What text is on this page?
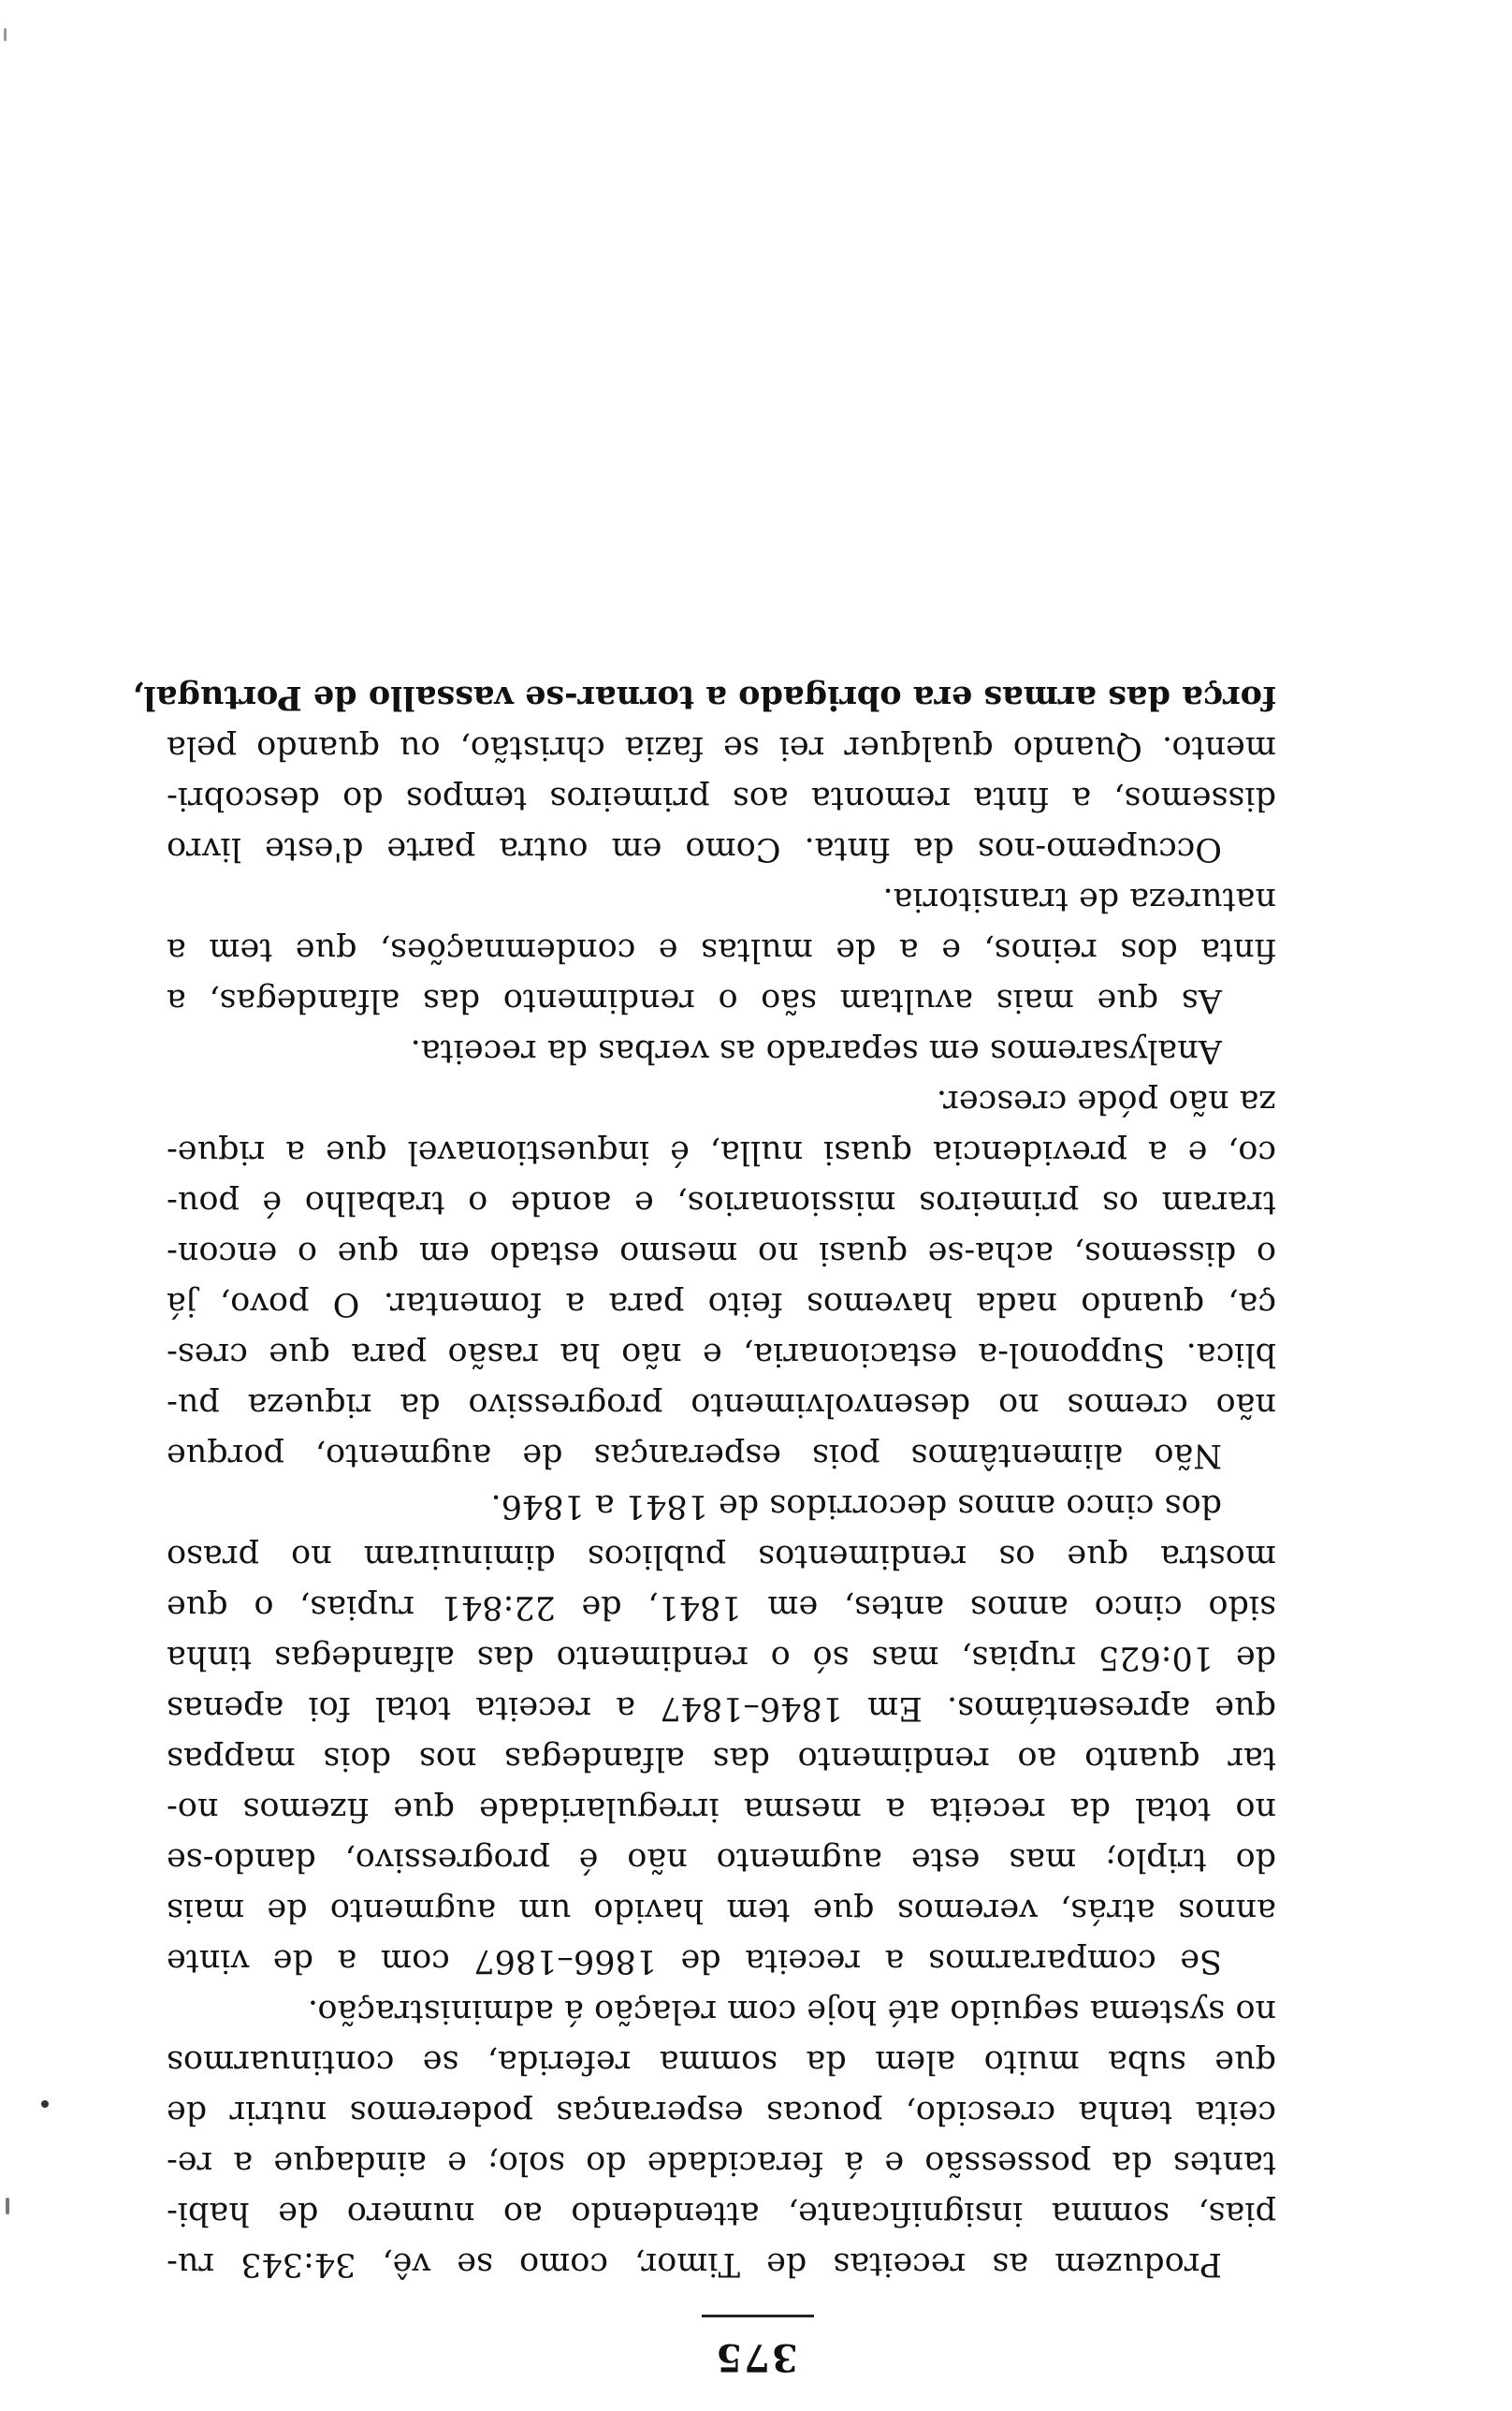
375
Produzem as receitas de Timor, como se vê, 34:343 ru-
pias, somma insignificante, attendendo ao numero de habi-
tantes da possessão e á feracidade do solo; e aindaque a re-
ceita tenha crescido, poucas esperanças poderemos nutrir de
que suba muito alem da somma referida, se continuarmos
no systema seguido até hoje com relação á administração.
Se compararmos a receita de 1866–1867 com a de vinte
annos atrás, veremos que tem havido um augmento de mais
do triplo; mas este augmento não é progressivo, dando-se
no total da receita a mesma irregularidade que fizemos no-
tar quanto ao rendimento das alfandegas nos dois mappas
que apresentámos. Em 1846–1847 a receita total foi apenas
de 10:625 rupias, mas só o rendimento das alfandegas tinha
sido cinco annos antes, em 1841, de 22:841 rupias, o que
mostra que os rendimentos publicos diminuiram no praso
dos cinco annos decorridos de 1841 a 1846.
Não alimentâmos pois esperanças de augmento, porque
não cremos no desenvolvimento progressivo da riqueza pu-
blica. Supponol-a estacionaria, e não ha rasão para que cres-
ça, quando nada havemos feito para a fomentar. O povo, já
o dissemos, acha-se quasi no mesmo estado em que o encon-
traram os primeiros missionarios, e aonde o trabalho é pou-
co, e a previdencia quasi nulla, é inquestionavel que a rique-
za não póde crescer.
Analysaremos em separado as verbas da receita.
As que mais avultam são o rendimento das alfandegas, a
finta dos reinos, e a de multas e condemnações, que tem a
natureza de transitoria.
Occupemo-nos da finta. Como em outra parte d'este livro
dissemos, a finta remonta aos primeiros tempos do descobri-
mento. Quando qualquer rei se fazia christão, ou quando pela
força das armas era obrigado a tornar-se vassallo de Portugal,
